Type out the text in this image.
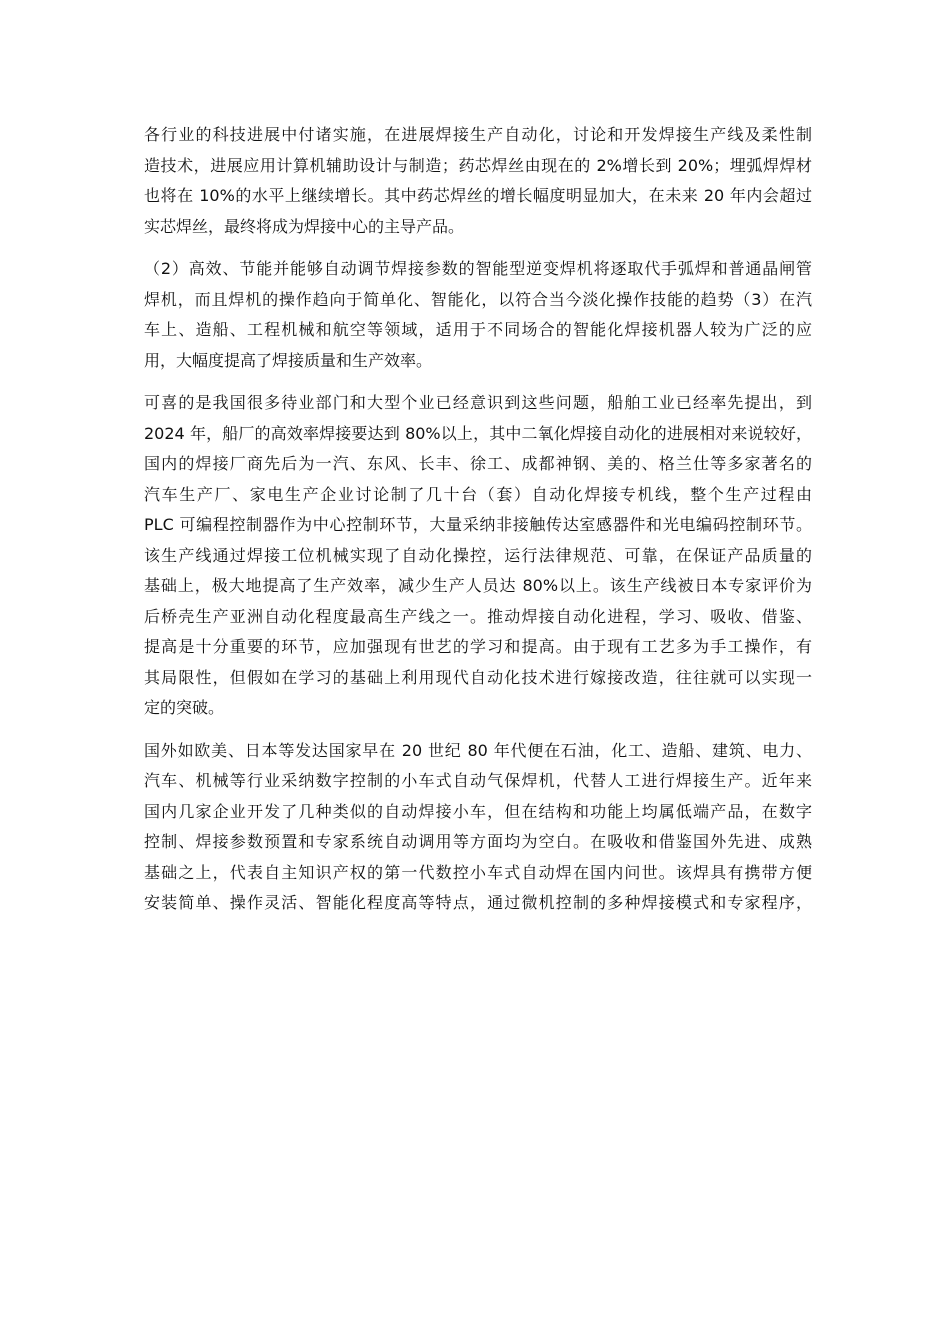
各行业的科技进展中付诸实施，在进展焊接生产自动化，讨论和开发焊接生产线及柔性制
造技术，进展应用计算机辅助设计与制造；药芯焊丝由现在的 2%增长到 20%；埋弧焊焊材
也将在 10%的水平上继续增长。其中药芯焊丝的增长幅度明显加大，在未来 20 年内会超过
实芯焊丝，最终将成为焊接中心的主导产品。
（2）高效、节能并能够自动调节焊接参数的智能型逆变焊机将逐取代手弧焊和普通晶闸管
焊机，而且焊机的操作趋向于简单化、智能化，以符合当今淡化操作技能的趋势（3）在汽
车上、造船、工程机械和航空等领域，适用于不同场合的智能化焊接机器人较为广泛的应
用，大幅度提高了焊接质量和生产效率。
可喜的是我国很多待业部门和大型个业已经意识到这些问题，船舶工业已经率先提出，到
2024 年，船厂的高效率焊接要达到 80%以上，其中二氧化焊接自动化的进展相对来说较好，
国内的焊接厂商先后为一汽、东风、长丰、徐工、成都神钢、美的、格兰仕等多家著名的
汽车生产厂、家电生产企业讨论制了几十台（套）自动化焊接专机线，整个生产过程由
PLC 可编程控制器作为中心控制环节，大量采纳非接触传达室感器件和光电编码控制环节。
该生产线通过焊接工位机械实现了自动化操控，运行法律规范、可靠，在保证产品质量的
基础上，极大地提高了生产效率，减少生产人员达 80%以上。该生产线被日本专家评价为
后桥壳生产亚洲自动化程度最高生产线之一。推动焊接自动化进程，学习、吸收、借鉴、
提高是十分重要的环节，应加强现有世艺的学习和提高。由于现有工艺多为手工操作，有
其局限性，但假如在学习的基础上利用现代自动化技术进行嫁接改造，往往就可以实现一
定的突破。
国外如欧美、日本等发达国家早在 20 世纪 80 年代便在石油，化工、造船、建筑、电力、
汽车、机械等行业采纳数字控制的小车式自动气保焊机，代替人工进行焊接生产。近年来
国内几家企业开发了几种类似的自动焊接小车，但在结构和功能上均属低端产品，在数字
控制、焊接参数预置和专家系统自动调用等方面均为空白。在吸收和借鉴国外先进、成熟
基础之上，代表自主知识产权的第一代数控小车式自动焊在国内问世。该焊具有携带方便
安装简单、操作灵活、智能化程度高等特点，通过微机控制的多种焊接模式和专家程序，
